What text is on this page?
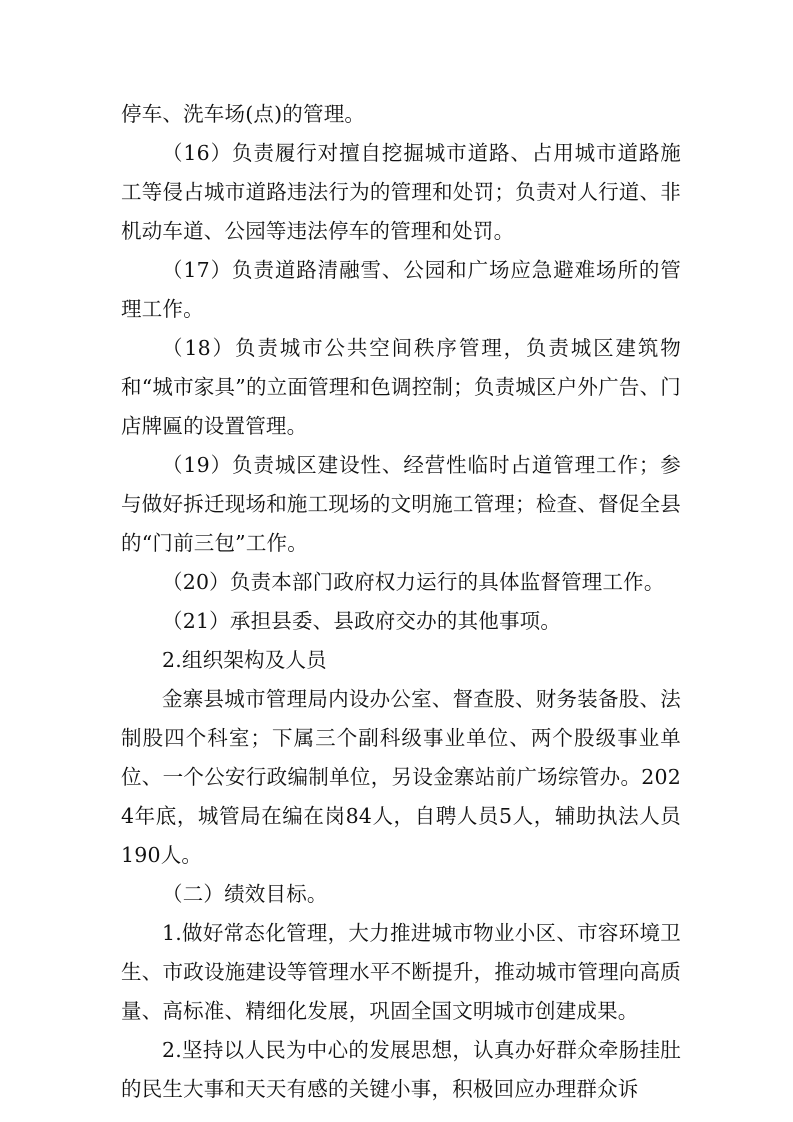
停车、洗车场(点)的管理。

（16）负责履行对擅自挖掘城市道路、占用城市道路施工等侵占城市道路违法行为的管理和处罚；负责对人行道、非机动车道、公园等违法停车的管理和处罚。

（17）负责道路清融雪、公园和广场应急避难场所的管理工作。

（18）负责城市公共空间秩序管理，负责城区建筑物和“城市家具”的立面管理和色调控制；负责城区户外广告、门店牌匾的设置管理。

（19）负责城区建设性、经营性临时占道管理工作；参与做好拆迁现场和施工现场的文明施工管理；检查、督促全县的“门前三包”工作。

（20）负责本部门政府权力运行的具体监督管理工作。

（21）承担县委、县政府交办的其他事项。

2.组织架构及人员

金寨县城市管理局内设办公室、督查股、财务装备股、法制股四个科室；下属三个副科级事业单位、两个股级事业单位、一个公安行政编制单位，另设金寨站前广场综管办。2024年底，城管局在编在岗84人，自聘人员5人，辅助执法人员190人。

（二）绩效目标。

1.做好常态化管理，大力推进城市物业小区、市容环境卫生、市政设施建设等管理水平不断提升，推动城市管理向高质量、高标准、精细化发展，巩固全国文明城市创建成果。

2.坚持以人民为中心的发展思想，认真办好群众牵肠挂肚的民生大事和天天有感的关键小事，积极回应办理群众诉
